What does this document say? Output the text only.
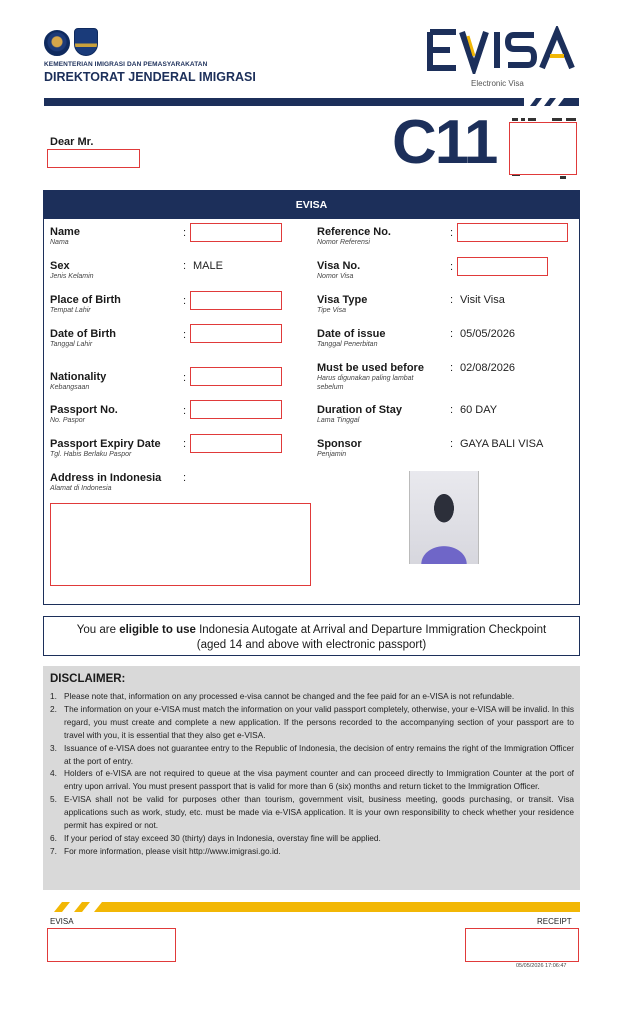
KEMENTERIAN IMIGRASI DAN PEMASYARAKATAN
DIREKTORAT JENDERAL IMIGRASI	Electronic Visa
Dear Mr.	C11
EVISA
Name
Nama
:
Sex
Jenis Kelamin
: MALE
Place of Birth
Tempat Lahir
:
Date of Birth
Tanggal Lahir
:
Nationality
Kebangsaan
:
Passport No.
No. Paspor
:
Passport Expiry Date
Tgl. Habis Berlaku Paspor
:
Address in Indonesia
Alamat di Indonesia
:
Reference No.
Nomor Referensi
:
Visa No.
Nomor Visa
:
Visa Type
Tipe Visa
: Visit Visa
Date of issue
Tanggal Penerbitan
: 05/05/2026
Must be used before
Harus digunakan paling lambat sebelum
: 02/08/2026
Duration of Stay
Lama Tinggal
: 60 DAY
Sponsor
Penjamin
: GAYA BALI VISA
You are eligible to use Indonesia Autogate at Arrival and Departure Immigration Checkpoint
(aged 14 and above with electronic passport)
DISCLAIMER:
1. Please note that, information on any processed e-visa cannot be changed and the fee paid for an e-VISA is not refundable.
2. The information on your e-VISA must match the information on your valid passport completely, otherwise, your e-VISA will be invalid. In this regard, you must create and complete a new application. If the persons recorded to the accompanying section of your passport are to travel with you, it is essential that they also get e-VISA.
3. Issuance of e-VISA does not guarantee entry to the Republic of Indonesia, the decision of entry remains the right of the Immigration Officer at the port of entry.
4. Holders of e-VISA are not required to queue at the visa payment counter and can proceed directly to Immigration Counter at the port of entry upon arrival. You must present passport that is valid for more than 6 (six) months and return ticket to the Immigration Officer.
5. E-VISA shall not be valid for purposes other than tourism, government visit, business meeting, goods purchasing, or transit. Visa applications such as work, study, etc. must be made via e-VISA application. It is your own responsibility to check whether your residence permit has expired or not.
6. If your period of stay exceed 30 (thirty) days in Indonesia, overstay fine will be applied.
7. For more information, please visit http://www.imigrasi.go.id.
EVISA	RECEIPT
05/05/2026 17:06:47
